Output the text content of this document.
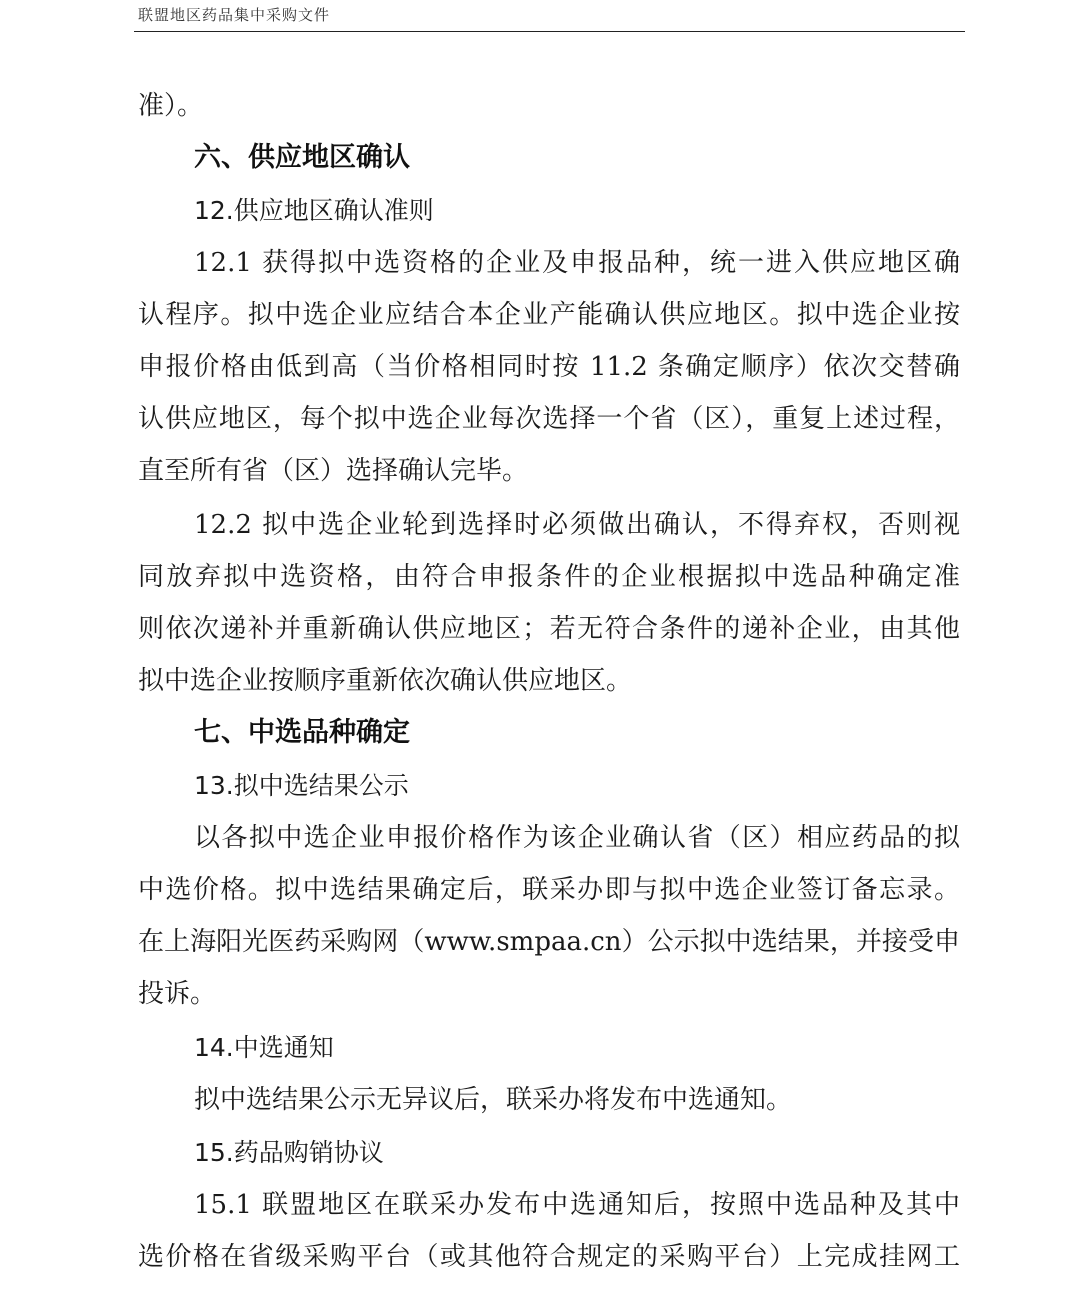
联盟地区药品集中采购文件
准）。
六、供应地区确认
12.供应地区确认准则
12.1 获得拟中选资格的企业及申报品种，统一进入供应地区确
认程序。拟中选企业应结合本企业产能确认供应地区。拟中选企业按
申报价格由低到高（当价格相同时按 11.2 条确定顺序）依次交替确
认供应地区，每个拟中选企业每次选择一个省（区），重复上述过程，
直至所有省（区）选择确认完毕。
12.2 拟中选企业轮到选择时必须做出确认，不得弃权，否则视
同放弃拟中选资格，由符合申报条件的企业根据拟中选品种确定准
则依次递补并重新确认供应地区；若无符合条件的递补企业，由其他
拟中选企业按顺序重新依次确认供应地区。
七、中选品种确定
13.拟中选结果公示
以各拟中选企业申报价格作为该企业确认省（区）相应药品的拟
中选价格。拟中选结果确定后，联采办即与拟中选企业签订备忘录。
在上海阳光医药采购网（www.smpaa.cn）公示拟中选结果，并接受申
投诉。
14.中选通知
拟中选结果公示无异议后，联采办将发布中选通知。
15.药品购销协议
15.1 联盟地区在联采办发布中选通知后，按照中选品种及其中
选价格在省级采购平台（或其他符合规定的采购平台）上完成挂网工
